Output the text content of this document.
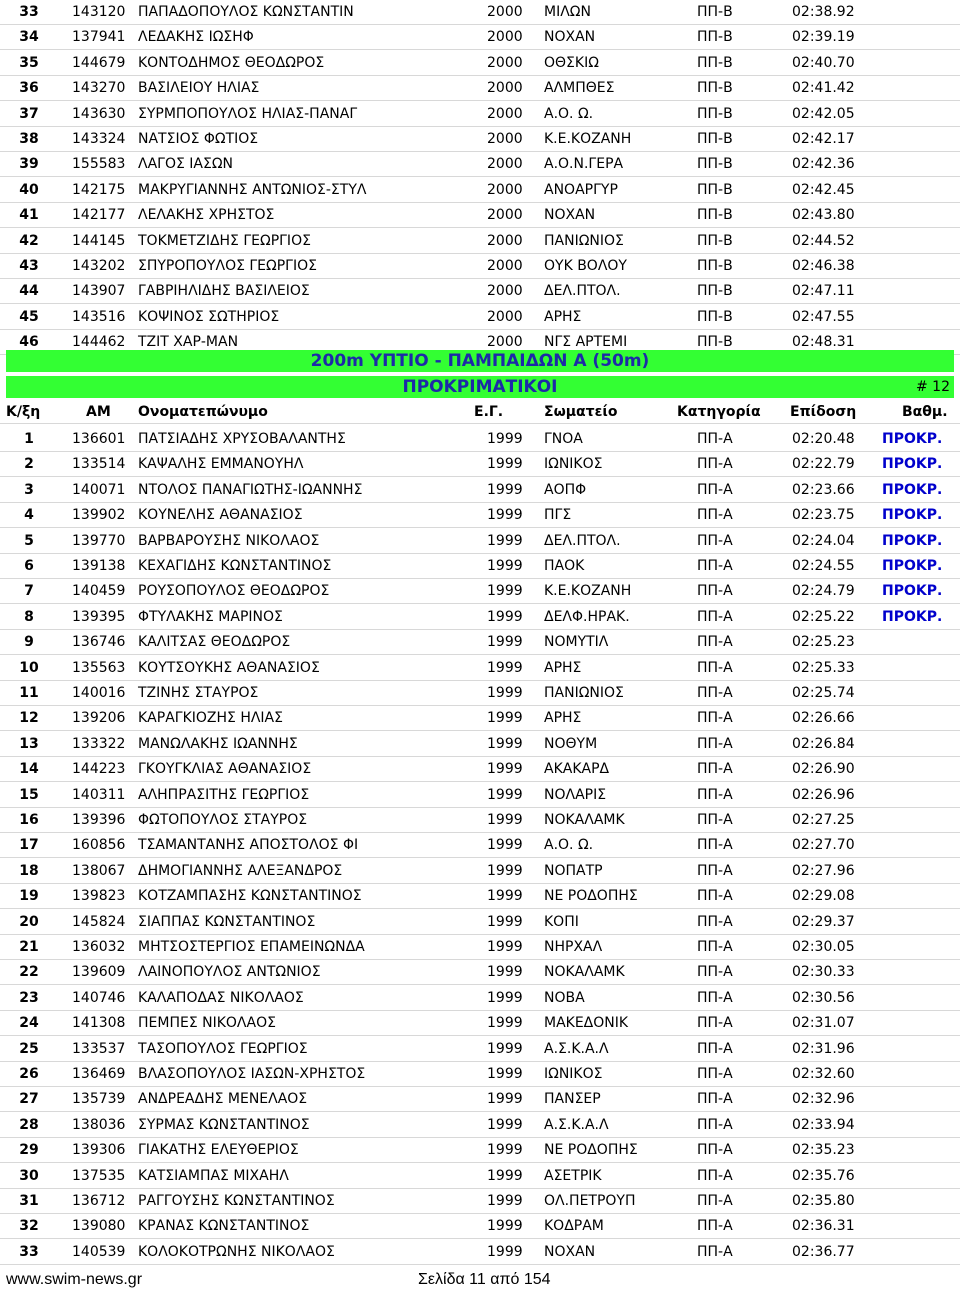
33	143120 ΠΑΠΑΔΟΠΟΥΛΟΣ ΚΩΝΣΤΑΝΤΙΝ	2000 ΜΙΛΩΝ	ΠΠ-Β	02:38.92
34	137941 ΛΕΔΑΚΗΣ ΙΩΣΗΦ	2000 ΝΟΧΑΝ	ΠΠ-Β	02:39.19
35	144679 ΚΟΝΤΟΔΗΜΟΣ ΘΕΟΔΩΡΟΣ	2000 ΟΘΣΚΙΩ	ΠΠ-Β	02:40.70
36	143270 ΒΑΣΙΛΕΙΟΥ ΗΛΙΑΣ	2000 ΑΛΜΠΘΕΣ	ΠΠ-Β	02:41.42
37	143630 ΣΥΡΜΠΟΠΟΥΛΟΣ ΗΛΙΑΣ-ΠΑΝΑΓ	2000 Α.Ο. Ω.	ΠΠ-Β	02:42.05
38	143324 ΝΑΤΣΙΟΣ ΦΩΤΙΟΣ	2000 Κ.Ε.ΚΟΖΑΝΗ	ΠΠ-Β	02:42.17
39	155583 ΛΑΓΟΣ ΙΑΣΩΝ	2000 Α.Ο.Ν.ΓΕΡΑ	ΠΠ-Β	02:42.36
40	142175 ΜΑΚΡΥΓΙΑΝΝΗΣ ΑΝΤΩΝΙΟΣ-ΣΤΥΛ	2000 ΑΝΟΑΡΓΥΡ	ΠΠ-Β	02:42.45
41	142177 ΛΕΛΑΚΗΣ ΧΡΗΣΤΟΣ	2000 ΝΟΧΑΝ	ΠΠ-Β	02:43.80
42	144145 ΤΟΚΜΕΤΖΙΔΗΣ ΓΕΩΡΓΙΟΣ	2000 ΠΑΝΙΩΝΙΟΣ	ΠΠ-Β	02:44.52
43	143202 ΣΠΥΡΟΠΟΥΛΟΣ ΓΕΩΡΓΙΟΣ	2000 ΟΥΚ ΒΟΛΟΥ	ΠΠ-Β	02:46.38
44	143907 ΓΑΒΡΙΗΛΙΔΗΣ ΒΑΣΙΛΕΙΟΣ	2000 ΔΕΛ.ΠΤΟΛ.	ΠΠ-Β	02:47.11
45	143516 ΚΟΨΙΝΟΣ ΣΩΤΗΡΙΟΣ	2000 ΑΡΗΣ	ΠΠ-Β	02:47.55
46	144462 ΤΖΙΤ ΧΑΡ-ΜΑΝ	2000 ΝΓΣ ΑΡΤΕΜΙ	ΠΠ-Β	02:48.31
200m ΥΠΤΙΟ - ΠΑΜΠΑΙΔΩΝ Α (50m)
ΠΡΟΚΡΙΜΑΤΙΚΟΙ	# 12
Κ/ξη	ΑΜ Ονοματεπώνυμο	Ε.Γ.	Σωματείο	Κατηγορία Επίδοση	Βαθμ.
1	136601 ΠΑΤΣΙΑΔΗΣ ΧΡΥΣΟΒΑΛΑΝΤΗΣ	1999 ΓΝΟΑ	ΠΠ-Α	02:20.48 ΠΡΟΚΡ.
2	133514 ΚΑΨΑΛΗΣ ΕΜΜΑΝΟΥΗΛ	1999 ΙΩΝΙΚΟΣ	ΠΠ-Α	02:22.79 ΠΡΟΚΡ.
3	140071 ΝΤΟΛΟΣ ΠΑΝΑΓΙΩΤΗΣ-ΙΩΑΝΝΗΣ	1999 ΑΟΠΦ	ΠΠ-Α	02:23.66 ΠΡΟΚΡ.
4	139902 ΚΟΥΝΕΛΗΣ ΑΘΑΝΑΣΙΟΣ	1999 ΠΓΣ	ΠΠ-Α	02:23.75 ΠΡΟΚΡ.
5	139770 ΒΑΡΒΑΡΟΥΣΗΣ ΝΙΚΟΛΑΟΣ	1999 ΔΕΛ.ΠΤΟΛ.	ΠΠ-Α	02:24.04 ΠΡΟΚΡ.
6	139138 ΚΕΧΑΓΙΔΗΣ ΚΩΝΣΤΑΝΤΙΝΟΣ	1999 ΠΑΟΚ	ΠΠ-Α	02:24.55 ΠΡΟΚΡ.
7	140459 ΡΟΥΣΟΠΟΥΛΟΣ ΘΕΟΔΩΡΟΣ	1999 Κ.Ε.ΚΟΖΑΝΗ	ΠΠ-Α	02:24.79 ΠΡΟΚΡ.
8	139395 ΦΤΥΛΑΚΗΣ ΜΑΡΙΝΟΣ	1999 ΔΕΛΦ.ΗΡΑΚ.	ΠΠ-Α	02:25.22 ΠΡΟΚΡ.
9	136746 ΚΑΛΙΤΣΑΣ ΘΕΟΔΩΡΟΣ	1999 ΝΟΜΥΤΙΛ	ΠΠ-Α	02:25.23
10	135563 ΚΟΥΤΣΟΥΚΗΣ ΑΘΑΝΑΣΙΟΣ	1999 ΑΡΗΣ	ΠΠ-Α	02:25.33
11	140016 ΤΖΙΝΗΣ ΣΤΑΥΡΟΣ	1999 ΠΑΝΙΩΝΙΟΣ	ΠΠ-Α	02:25.74
12	139206 ΚΑΡΑΓΚΙΟΖΗΣ ΗΛΙΑΣ	1999 ΑΡΗΣ	ΠΠ-Α	02:26.66
13	133322 ΜΑΝΩΛΑΚΗΣ ΙΩΑΝΝΗΣ	1999 ΝΟΘΥΜ	ΠΠ-Α	02:26.84
14	144223 ΓΚΟΥΓΚΛΙΑΣ ΑΘΑΝΑΣΙΟΣ	1999 ΑΚΑΚΑΡΔ	ΠΠ-Α	02:26.90
15	140311 ΑΛΗΠΡΑΣΙΤΗΣ ΓΕΩΡΓΙΟΣ	1999 ΝΟΛΑΡΙΣ	ΠΠ-Α	02:26.96
16	139396 ΦΩΤΟΠΟΥΛΟΣ ΣΤΑΥΡΟΣ	1999 ΝΟΚΑΛΑΜΚ	ΠΠ-Α	02:27.25
17	160856 ΤΣΑΜΑΝΤΑΝΗΣ ΑΠΟΣΤΟΛΟΣ ΦΙ	1999 Α.Ο. Ω.	ΠΠ-Α	02:27.70
18	138067 ΔΗΜΟΓΙΑΝΝΗΣ ΑΛΕΞΑΝΔΡΟΣ	1999 ΝΟΠΑΤΡ	ΠΠ-Α	02:27.96
19	139823 ΚΟΤΖΑΜΠΑΣΗΣ ΚΩΝΣΤΑΝΤΙΝΟΣ	1999 ΝΕ ΡΟΔΟΠΗΣ	ΠΠ-Α	02:29.08
20	145824 ΣΙΑΠΠΑΣ ΚΩΝΣΤΑΝΤΙΝΟΣ	1999 ΚΟΠΙ	ΠΠ-Α	02:29.37
21	136032 ΜΗΤΣΟΣΤΕΡΓΙΟΣ ΕΠΑΜΕΙΝΩΝΔΑ	1999 ΝΗΡΧΑΛ	ΠΠ-Α	02:30.05
22	139609 ΛΑΙΝΟΠΟΥΛΟΣ ΑΝΤΩΝΙΟΣ	1999 ΝΟΚΑΛΑΜΚ	ΠΠ-Α	02:30.33
23	140746 ΚΑΛΑΠΟΔΑΣ ΝΙΚΟΛΑΟΣ	1999 ΝΟΒΑ	ΠΠ-Α	02:30.56
24	141308 ΠΕΜΠΕΣ ΝΙΚΟΛΑΟΣ	1999 ΜΑΚΕΔΟΝΙΚ	ΠΠ-Α	02:31.07
25	133537 ΤΑΣΟΠΟΥΛΟΣ ΓΕΩΡΓΙΟΣ	1999 Α.Σ.Κ.Α.Λ	ΠΠ-Α	02:31.96
26	136469 ΒΛΑΣΟΠΟΥΛΟΣ ΙΑΣΩΝ-ΧΡΗΣΤΟΣ	1999 ΙΩΝΙΚΟΣ	ΠΠ-Α	02:32.60
27	135739 ΑΝΔΡΕΑΔΗΣ ΜΕΝΕΛΑΟΣ	1999 ΠΑΝΣΕΡ	ΠΠ-Α	02:32.96
28	138036 ΣΥΡΜΑΣ ΚΩΝΣΤΑΝΤΙΝΟΣ	1999 Α.Σ.Κ.Α.Λ	ΠΠ-Α	02:33.94
29	139306 ΓΙΑΚΑΤΗΣ ΕΛΕΥΘΕΡΙΟΣ	1999 ΝΕ ΡΟΔΟΠΗΣ	ΠΠ-Α	02:35.23
30	137535 ΚΑΤΣΙΑΜΠΑΣ ΜΙΧΑΗΛ	1999 ΑΣΕΤΡΙΚ	ΠΠ-Α	02:35.76
31	136712 ΡΑΓΓΟΥΣΗΣ ΚΩΝΣΤΑΝΤΙΝΟΣ	1999 ΟΛ.ΠΕΤΡΟΥΠ	ΠΠ-Α	02:35.80
32	139080 ΚΡΑΝΑΣ ΚΩΝΣΤΑΝΤΙΝΟΣ	1999 ΚΟΔΡΑΜ	ΠΠ-Α	02:36.31
33	140539 ΚΟΛΟΚΟΤΡΩΝΗΣ ΝΙΚΟΛΑΟΣ	1999 ΝΟΧΑΝ	ΠΠ-Α	02:36.77
www.swim-news.gr	Σελίδα 11 από 154
